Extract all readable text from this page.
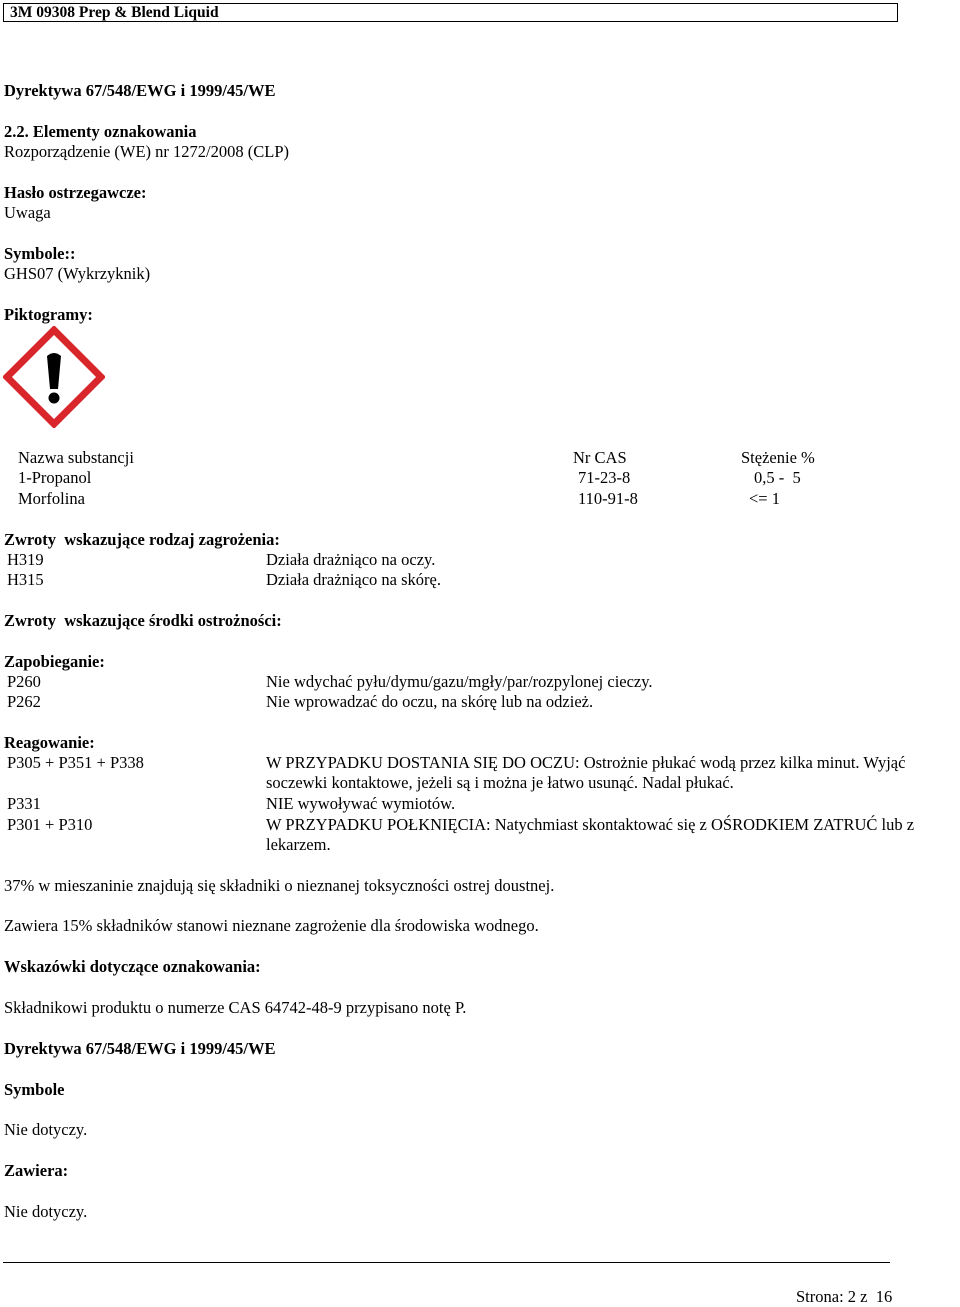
3M 09308 Prep & Blend Liquid
Dyrektywa 67/548/EWG i 1999/45/WE
2.2. Elementy oznakowania
Rozporządzenie (WE) nr 1272/2008 (CLP)
Hasło ostrzegawcze:
Uwaga
Symbole::
GHS07 (Wykrzyknik)
Piktogramy:
Nazwa substancji	Nr CAS	Stężenie %
1-Propanol	71-23-8	0,5 -  5
Morfolina	110-91-8	<= 1
Zwroty  wskazujące rodzaj zagrożenia:
H319	Działa drażniąco na oczy.
H315	Działa drażniąco na skórę.
Zwroty  wskazujące środki ostrożności:
Zapobieganie:
P260	Nie wdychać pyłu/dymu/gazu/mgły/par/rozpylonej cieczy.
P262	Nie wprowadzać do oczu, na skórę lub na odzież.
Reagowanie:
P305 + P351 + P338	W PRZYPADKU DOSTANIA SIĘ DO OCZU: Ostrożnie płukać wodą przez kilka minut. Wyjąć soczewki kontaktowe, jeżeli są i można je łatwo usunąć. Nadal płukać.
P331	NIE wywoływać wymiotów.
P301 + P310	W PRZYPADKU POŁKNIĘCIA: Natychmiast skontaktować się z OŚRODKIEM ZATRUĆ lub z lekarzem.
37% w mieszaninie znajdują się składniki o nieznanej toksyczności ostrej doustnej.
Zawiera 15% składników stanowi nieznane zagrożenie dla środowiska wodnego.
Wskazówki dotyczące oznakowania:
Składnikowi produktu o numerze CAS 64742-48-9 przypisano notę P.
Dyrektywa 67/548/EWG i 1999/45/WE
Symbole
Nie dotyczy.
Zawiera:
Nie dotyczy.
Strona: 2 z  16
